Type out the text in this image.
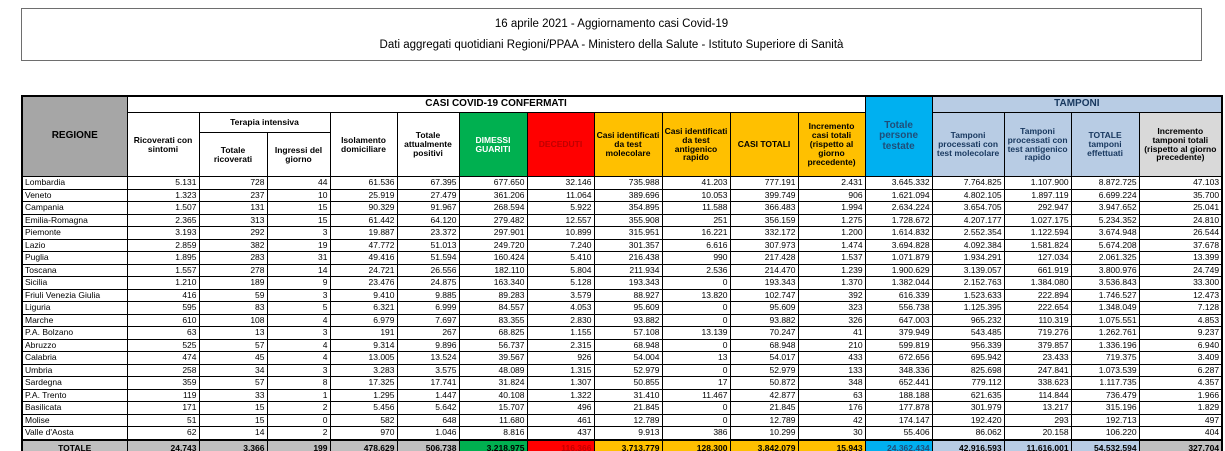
16 aprile 2021 - Aggiornamento casi Covid-19
Dati aggregati quotidiani Regioni/PPAA - Ministero della Salute - Istituto Superiore di Sanità
REGIONE	CASI COVID-19 CONFERMATI											Totale persone testate	TAMPONI			
	Ricoverati con sintomi	Terapia intensiva		Isolamento domiciliare	Totale attualmente positivi	DIMESSI GUARITI	DECEDUTI	Casi identificati da test molecolare	Casi identificati da test antigenico rapido	CASI TOTALI	Incremento casi totali (rispetto al giorno precedente)		Tamponi processati con test molecolare	Tamponi processati con test antigenico rapido	TOTALE tamponi effettuati	Incremento tamponi totali (rispetto al giorno precedente)
		Totale ricoverati	Ingressi del giorno													
Lombardia	5.131	728	44	61.536	67.395	677.650	32.146	735.988	41.203	777.191	2.431	3.645.332	7.764.825	1.107.900	8.872.725	47.103
Veneto	1.323	237	10	25.919	27.479	361.206	11.064	389.696	10.053	399.749	906	1.621.094	4.802.105	1.897.119	6.699.224	35.700
Campania	1.507	131	15	90.329	91.967	268.594	5.922	354.895	11.588	366.483	1.994	2.634.224	3.654.705	292.947	3.947.652	25.041
Emilia-Romagna	2.365	313	15	61.442	64.120	279.482	12.557	355.908	251	356.159	1.275	1.728.672	4.207.177	1.027.175	5.234.352	24.810
Piemonte	3.193	292	3	19.887	23.372	297.901	10.899	315.951	16.221	332.172	1.200	1.614.832	2.552.354	1.122.594	3.674.948	26.544
Lazio	2.859	382	19	47.772	51.013	249.720	7.240	301.357	6.616	307.973	1.474	3.694.828	4.092.384	1.581.824	5.674.208	37.678
Puglia	1.895	283	31	49.416	51.594	160.424	5.410	216.438	990	217.428	1.537	1.071.879	1.934.291	127.034	2.061.325	13.399
Toscana	1.557	278	14	24.721	26.556	182.110	5.804	211.934	2.536	214.470	1.239	1.900.629	3.139.057	661.919	3.800.976	24.749
Sicilia	1.210	189	9	23.476	24.875	163.340	5.128	193.343	0	193.343	1.370	1.382.044	2.152.763	1.384.080	3.536.843	33.300
Friuli Venezia Giulia	416	59	3	9.410	9.885	89.283	3.579	88.927	13.820	102.747	392	616.339	1.523.633	222.894	1.746.527	12.473
Liguria	595	83	5	6.321	6.999	84.557	4.053	95.609	0	95.609	323	556.738	1.125.395	222.654	1.348.049	7.128
Marche	610	108	4	6.979	7.697	83.355	2.830	93.882	0	93.882	326	647.003	965.232	110.319	1.075.551	4.853
P.A. Bolzano	63	13	3	191	267	68.825	1.155	57.108	13.139	70.247	41	379.949	543.485	719.276	1.262.761	9.237
Abruzzo	525	57	4	9.314	9.896	56.737	2.315	68.948	0	68.948	210	599.819	956.339	379.857	1.336.196	6.940
Calabria	474	45	4	13.005	13.524	39.567	926	54.004	13	54.017	433	672.656	695.942	23.433	719.375	3.409
Umbria	258	34	3	3.283	3.575	48.089	1.315	52.979	0	52.979	133	348.336	825.698	247.841	1.073.539	6.287
Sardegna	359	57	8	17.325	17.741	31.824	1.307	50.855	17	50.872	348	652.441	779.112	338.623	1.117.735	4.357
P.A. Trento	119	33	1	1.295	1.447	40.108	1.322	31.410	11.467	42.877	63	188.188	621.635	114.844	736.479	1.966
Basilicata	171	15	2	5.456	5.642	15.707	496	21.845	0	21.845	176	177.878	301.979	13.217	315.196	1.829
Molise	51	15	0	582	648	11.680	461	12.789	0	12.789	42	174.147	192.420	293	192.713	497
Valle d'Aosta	62	14	2	970	1.046	8.816	437	9.913	386	10.299	30	55.406	86.062	20.158	106.220	404
TOTALE	24.743	3.366	199	478.629	506.738	3.218.975	116.366	3.713.779	128.300	3.842.079	15.943	24.362.434	42.916.593	11.616.001	54.532.594	327.704
